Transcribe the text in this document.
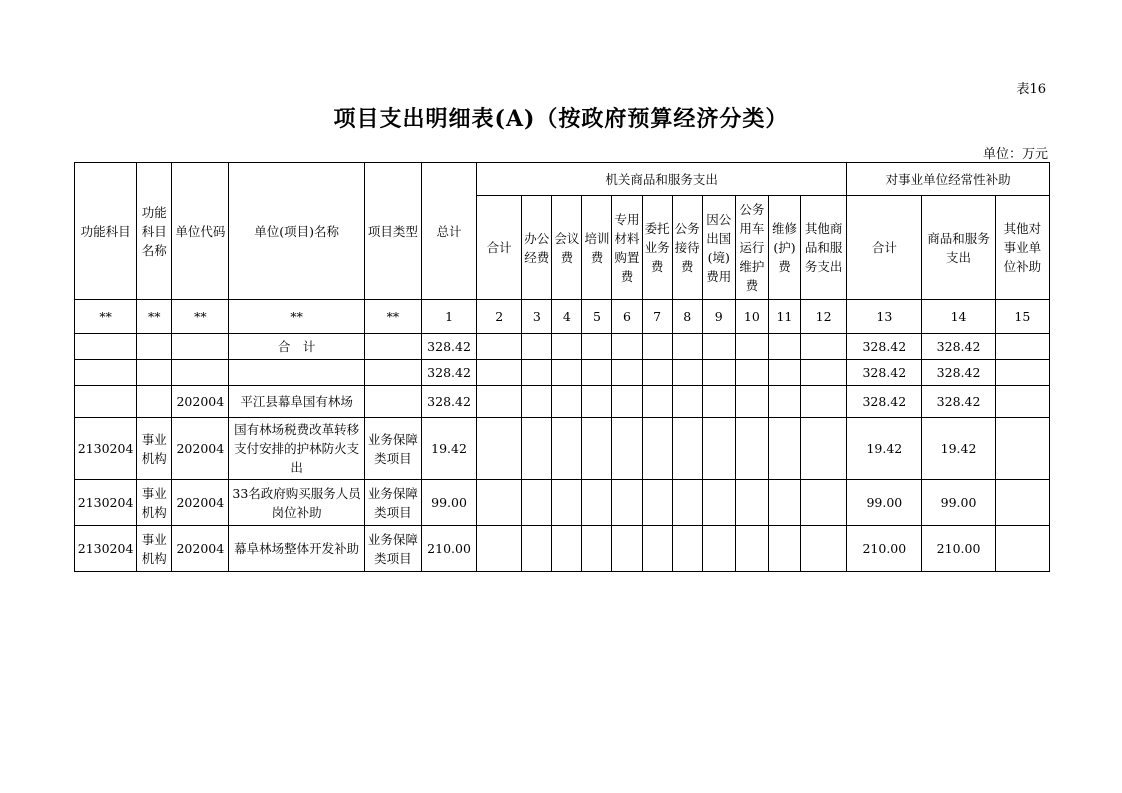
表16
项目支出明细表(A)（按政府预算经济分类）
单位：万元
功能科目	功能科目名称	单位代码	单位(项目)名称	项目类型	总计	机关商品和服务支出											对事业单位经常性补助		
						合计	办公经费	会议费	培训费	专用材料购置费	委托业务费	公务接待费	因公出国(境)费用	公务用车运行维护费	维修(护)费	其他商品和服务支出	合计	商品和服务支出	其他对事业单位补助
**	**	**	**	**	1	2	3	4	5	6	7	8	9	10	11	12	13	14	15
			合　计		328.42												328.42	328.42	
					328.42												328.42	328.42	
		202004	平江县幕阜国有林场		328.42												328.42	328.42	
2130204	事业机构	202004	国有林场税费改革转移支付安排的护林防火支出	业务保障类项目	19.42												19.42	19.42	
2130204	事业机构	202004	33名政府购买服务人员岗位补助	业务保障类项目	99.00												99.00	99.00	
2130204	事业机构	202004	幕阜林场整体开发补助	业务保障类项目	210.00												210.00	210.00	
